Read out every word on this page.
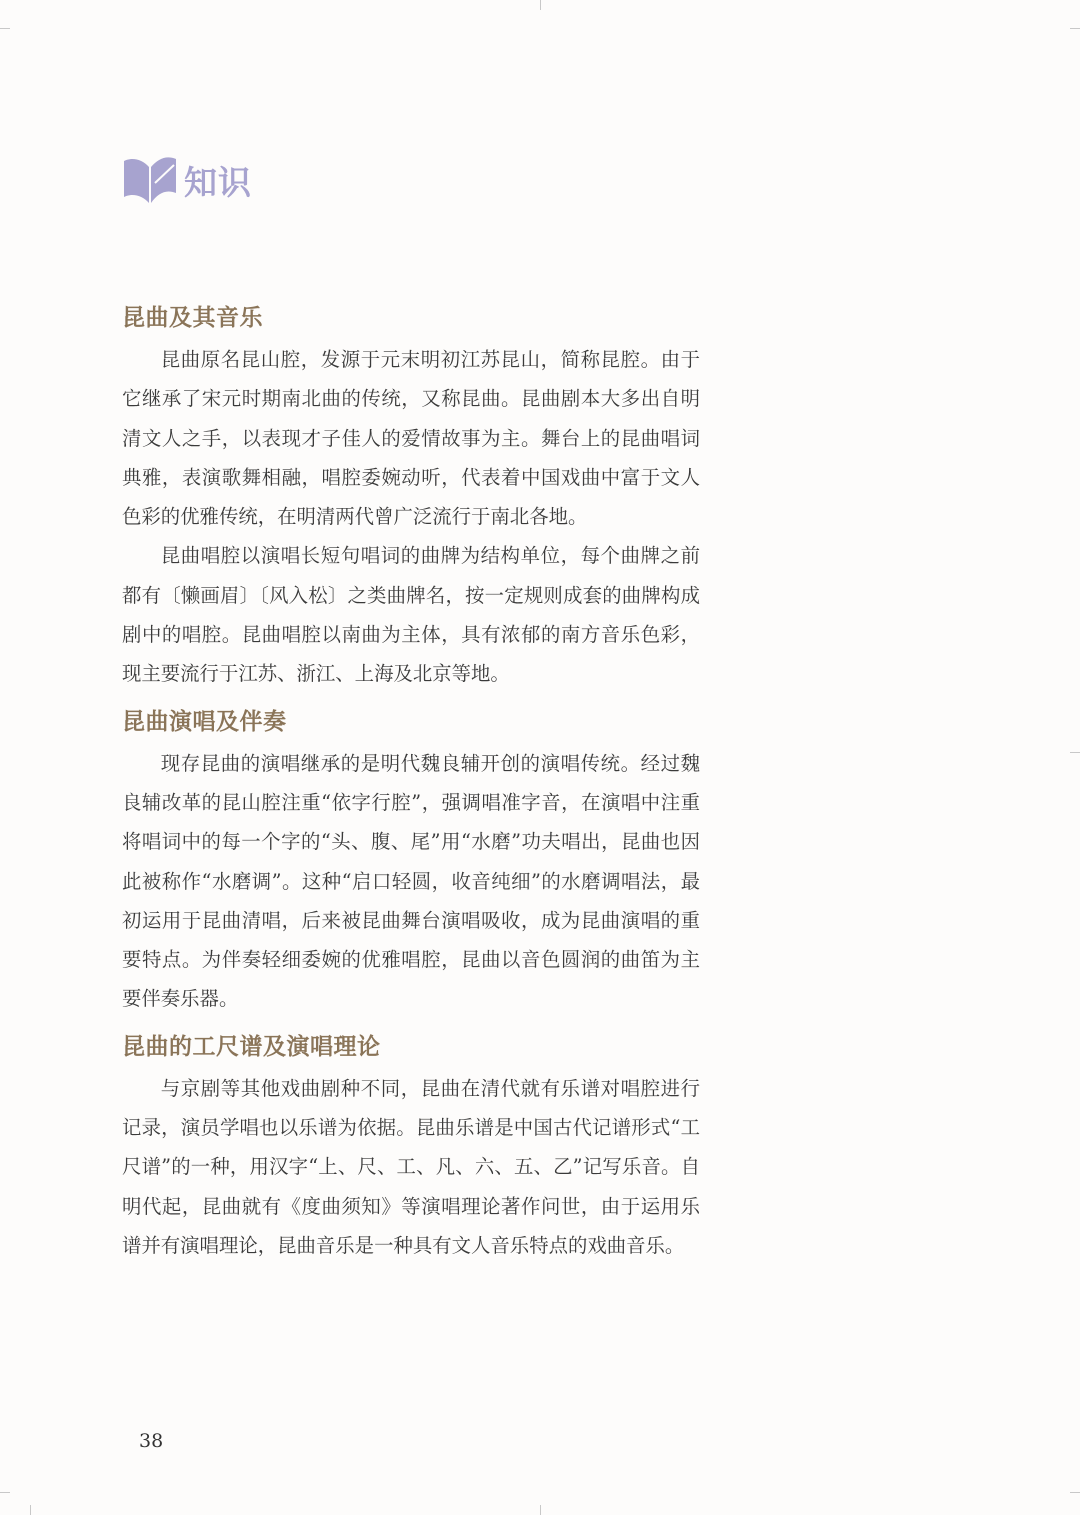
知识
昆曲及其音乐

昆曲原名昆山腔，发源于元末明初江苏昆山，简称昆腔。由于它继承了宋元时期南北曲的传统，又称昆曲。昆曲剧本大多出自明清文人之手，以表现才子佳人的爱情故事为主。舞台上的昆曲唱词典雅，表演歌舞相融，唱腔委婉动听，代表着中国戏曲中富于文人色彩的优雅传统，在明清两代曾广泛流行于南北各地。

昆曲唱腔以演唱长短句唱词的曲牌为结构单位，每个曲牌之前都有〔懒画眉〕〔风入松〕之类曲牌名，按一定规则成套的曲牌构成剧中的唱腔。昆曲唱腔以南曲为主体，具有浓郁的南方音乐色彩，现主要流行于江苏、浙江、上海及北京等地。

昆曲演唱及伴奏

现存昆曲的演唱继承的是明代魏良辅开创的演唱传统。经过魏良辅改革的昆山腔注重“依字行腔”，强调唱准字音，在演唱中注重将唱词中的每一个字的“头、腹、尾”用“水磨”功夫唱出，昆曲也因此被称作“水磨调”。这种“启口轻圆，收音纯细”的水磨调唱法，最初运用于昆曲清唱，后来被昆曲舞台演唱吸收，成为昆曲演唱的重要特点。为伴奏轻细委婉的优雅唱腔，昆曲以音色圆润的曲笛为主要伴奏乐器。

昆曲的工尺谱及演唱理论

与京剧等其他戏曲剧种不同，昆曲在清代就有乐谱对唱腔进行记录，演员学唱也以乐谱为依据。昆曲乐谱是中国古代记谱形式“工尺谱”的一种，用汉字“上、尺、工、凡、六、五、乙”记写乐音。自明代起，昆曲就有《度曲须知》等演唱理论著作问世，由于运用乐谱并有演唱理论，昆曲音乐是一种具有文人音乐特点的戏曲音乐。

38
